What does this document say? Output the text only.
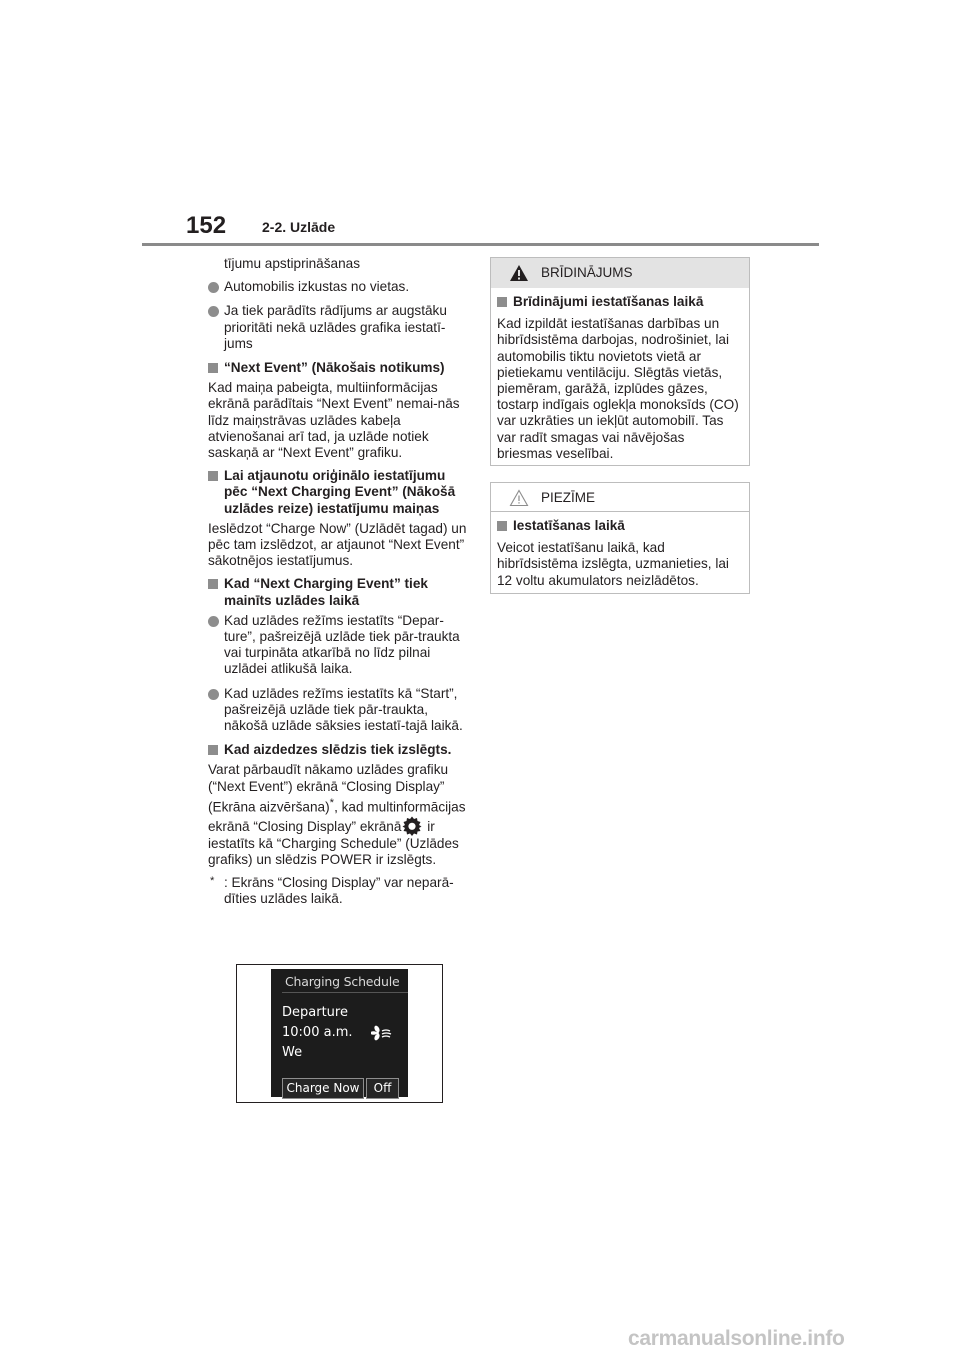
152	2-2. Uzlāde

tījumu apstiprināšanas

Automobilis izkustas no vietas.
Ja tiek parādīts rādījums ar augstāku prioritāti nekā uzlādes grafika iestatī-jums
“Next Event” (Nākošais notikums)

Kad maiņa pabeigta, multiinformācijas ekrānā parādītais “Next Event” nemai-nās līdz maiņstrāvas uzlādes kabeļa atvienošanai arī tad, ja uzlāde notiek saskaņā ar “Next Event” grafiku.

Lai atjaunotu oriģinālo iestatījumu pēc “Next Charging Event” (Nākošā uzlādes reize) iestatījumu maiņas

Ieslēdzot “Charge Now” (Uzlādēt tagad) un pēc tam izslēdzot, ar atjaunot “Next Event” sākotnējos iestatījumus.

Kad “Next Charging Event” tiek mainīts uzlādes laikā
Kad uzlādes režīms iestatīts “Depar-ture”, pašreizējā uzlāde tiek pār-traukta vai turpināta atkarībā no līdz pilnai uzlādei atlikušā laika.
Kad uzlādes režīms iestatīts kā “Start”, pašreizējā uzlāde tiek pār-traukta, nākošā uzlāde sāksies iestatī-tajā laikā.
Kad aizdedzes slēdzis tiek izslēgts.

Varat pārbaudīt nākamo uzlādes grafiku (“Next Event”) ekrānā “Closing Display” (Ekrāna aizvēršana)*, kad multinformācijas ekrānā “Closing Display” ekrānā ir iestatīts kā “Charging Schedule” (Uzlādes grafiks) un slēdzis POWER ir izslēgts.

* : Ekrāns “Closing Display” var neparā-dīties uzlādes laikā.
Charging Schedule
Departure
10:00 a.m.
We
Charge Now	Off
BRĪDINĀJUMS
Brīdinājumi iestatīšanas laikā
Kad izpildāt iestatīšanas darbības un hibrīdsistēma darbojas, nodrošiniet, lai automobilis tiktu novietots vietā ar pietiekamu ventilāciju. Slēgtās vietās, piemēram, garāžā, izplūdes gāzes, tostarp indīgais oglekļa monoksīds (CO) var uzkrāties un iekļūt automobilī. Tas var radīt smagas vai nāvējošas briesmas veselībai.
PIEZĪME
Iestatīšanas laikā
Veicot iestatīšanu laikā, kad hibrīdsistēma izslēgta, uzmanieties, lai 12 voltu akumulators neizlādētos.
carmanualsonline.info
